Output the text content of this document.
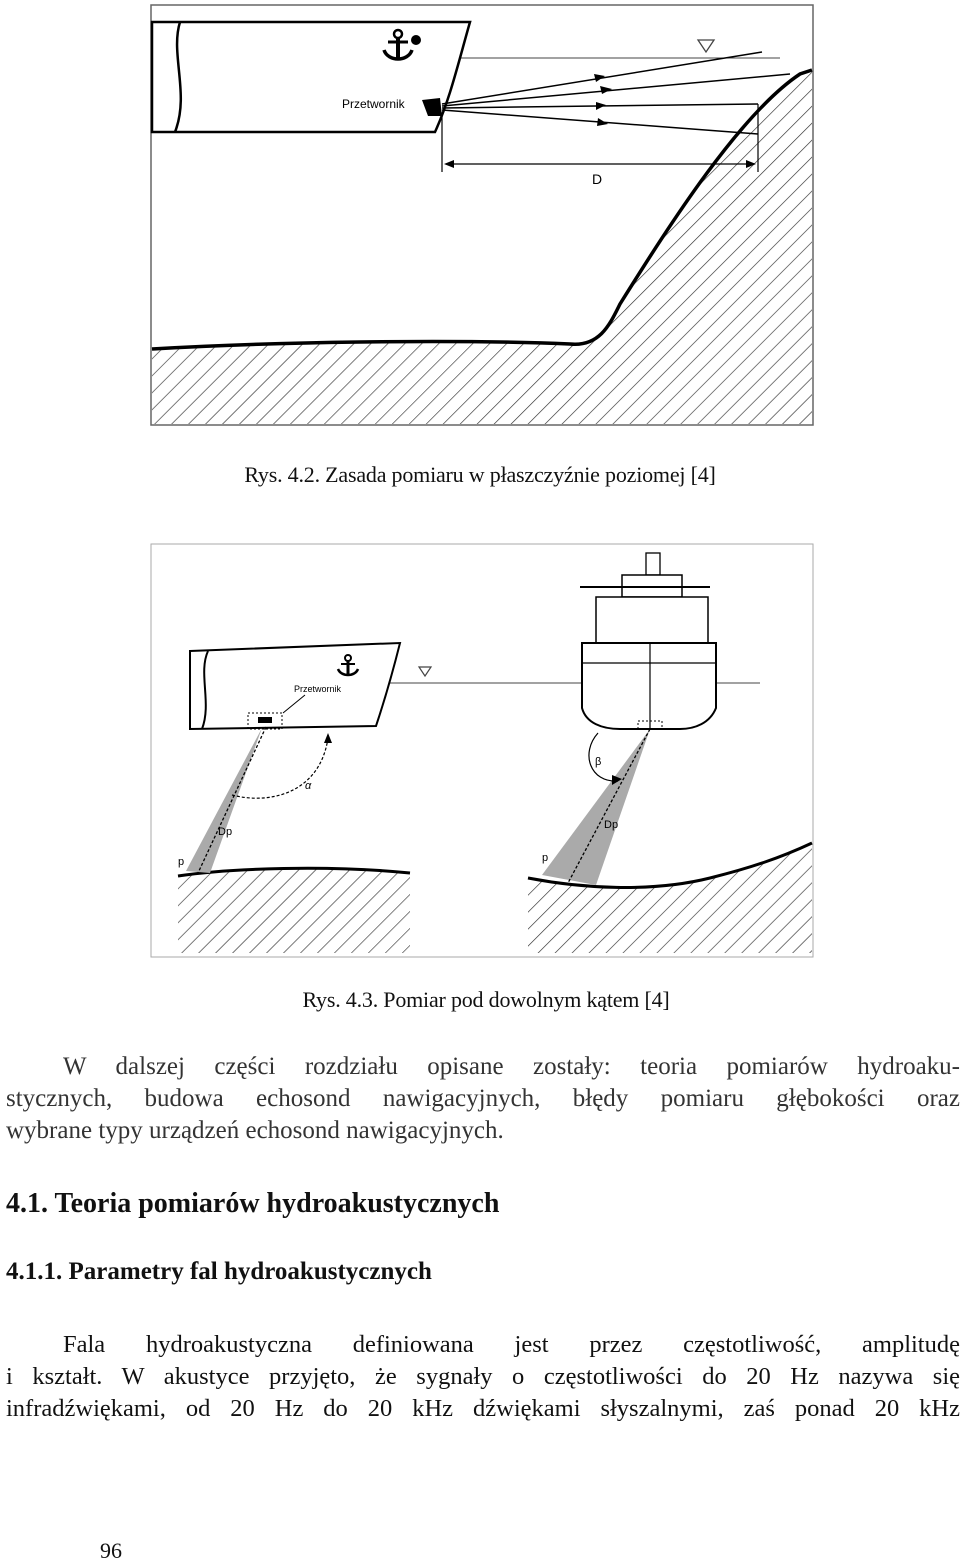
Przetwornik
D
Rys. 4.2. Zasada pomiaru w płaszczyźnie poziomej [4]
Przetwornik
α
Dp
p
β
Dp
p
Rys. 4.3. Pomiar pod dowolnym kątem [4]
W dalszej części rozdziału opisane zostały: teoria pomiarów hydroaku-
stycznych, budowa echosond nawigacyjnych, błędy pomiaru głębokości oraz
wybrane typy urządzeń echosond nawigacyjnych.
4.1. Teoria pomiarów hydroakustycznych
4.1.1. Parametry fal hydroakustycznych
Fala hydroakustyczna definiowana jest przez częstotliwość, amplitudę
i kształt. W akustyce przyjęto, że sygnały o częstotliwości do 20 Hz nazywa się
infradźwiękami, od 20 Hz do 20 kHz dźwiękami słyszalnymi, zaś ponad 20 kHz
96
